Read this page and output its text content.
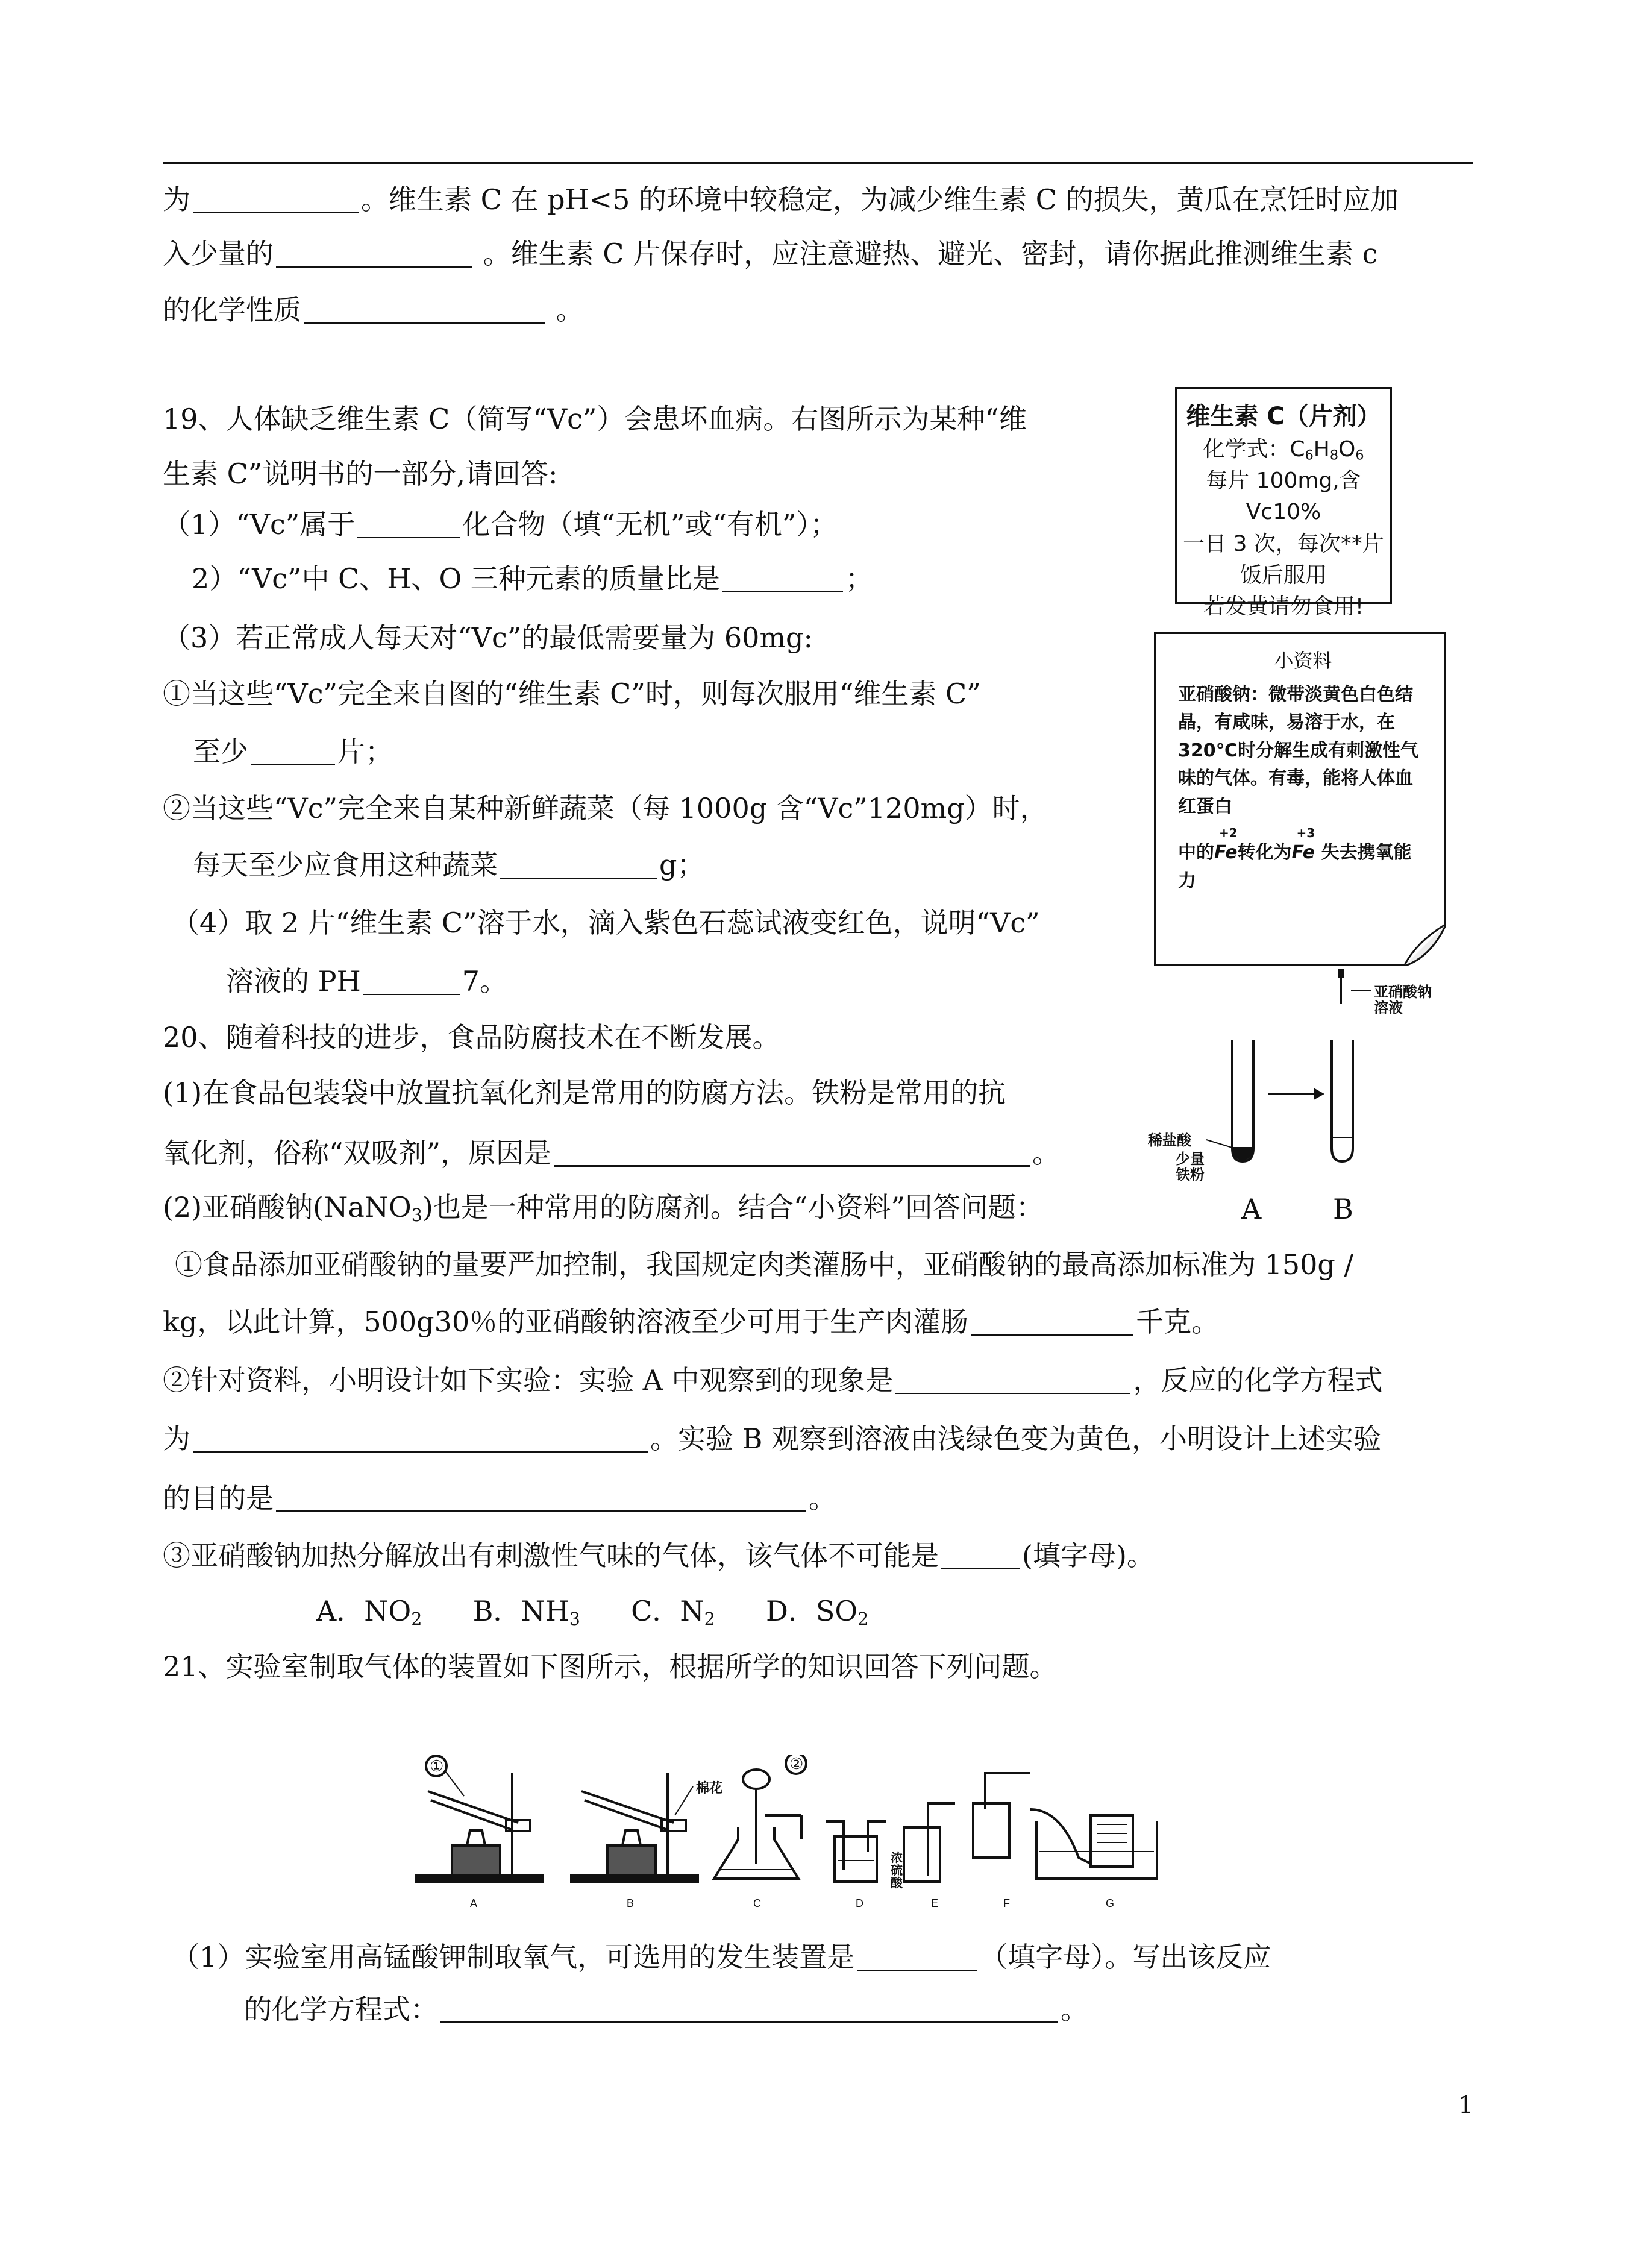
为	。维生素 C 在 pH<5 的环境中较稳定，为减少维生素 C 的损失，黄瓜在烹饪时应加
入少量的	。维生素 C 片保存时，应注意避热、避光、密封，请你据此推测维生素 c
的化学性质	。
19、人体缺乏维生素 C（简写“Vc”）会患坏血病。右图所示为某种“维
生素 C”说明书的一部分,请回答:
（1）“Vc”属于	化合物（填“无机”或“有机”）；
2）“Vc”中 C、H、O 三种元素的质量比是	；
（3）若正常成人每天对“Vc”的最低需要量为 60mg:
①当这些“Vc”完全来自图的“维生素 C”时，则每次服用“维生素 C”
至少	片；
②当这些“Vc”完全来自某种新鲜蔬菜（每 1000g 含“Vc”120mg）时，
每天至少应食用这种蔬菜	g；
（4）取 2 片“维生素 C”溶于水，滴入紫色石蕊试液变红色，说明“Vc”
溶液的 PH	7。
维生素 C（片剂）
化学式：$C_6H_8O_6$
每片 100mg,含 Vc10%
一日 3 次，每次**片
饭后服用
若发黄请勿食用!
小资料
亚硝酸钠：微带淡黄色白色结晶，有咸味，易溶于水，在320℃时分解生成有刺激性气味的气体。有毒，能将人体血红蛋白
中的Fe
+2
转化为Fe
+3
失去携氧能力
亚硝酸钠溶液
稀盐酸
少量铁粉
20、随着科技的进步，食品防腐技术在不断发展。
(1)在食品包装袋中放置抗氧化剂是常用的防腐方法。铁粉是常用的抗
氧化剂，俗称“双吸剂”，原因是	。
(2)亚硝酸钠(NaNO$_3$)也是一种常用的防腐剂。结合“小资料”回答问题：	A	B
①食品添加亚硝酸钠的量要严加控制，我国规定肉类灌肠中，亚硝酸钠的最高添加标准为 150g /
kg，以此计算，500g30％的亚硝酸钠溶液至少可用于生产肉灌肠	千克。
②针对资料，小明设计如下实验：实验 A 中观察到的现象是	，反应的化学方程式
为	。实验 B 观察到溶液由浅绿色变为黄色，小明设计上述实验
的目的是	。
③亚硝酸钠加热分解放出有刺激性气味的气体，该气体不可能是	(填字母)。
A．$NO_2$ B．$NH_3$ C．$N_2$ D．$SO_2$
21、实验室制取气体的装置如下图所示，根据所学的知识回答下列问题。
①	②
棉花
浓硫酸
A	B	C	D	E	F	G
（1）实验室用高锰酸钾制取氧气，可选用的发生装置是	（填字母）。写出该反应
的化学方程式：	。
1
